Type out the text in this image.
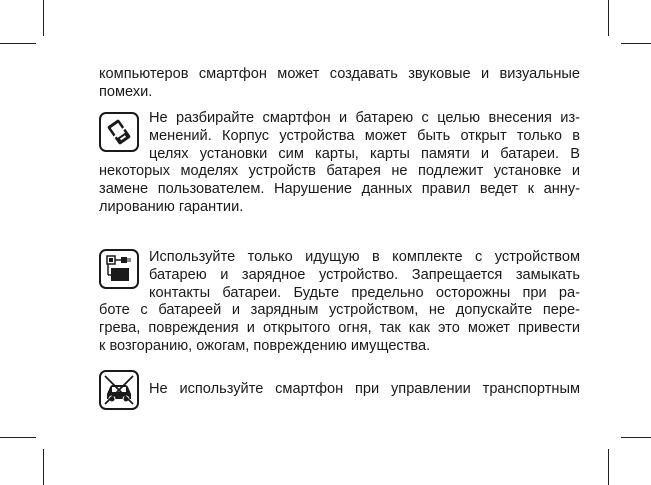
компьютеров смартфон может создавать звуковые и визуальные
помехи.
Не разбирайте смартфон и батарею с целью внесения из-
менений. Корпус устройства может быть открыт только в
целях установки сим карты, карты памяти и батареи. В
некоторых моделях устройств батарея не подлежит установке и
замене пользователем. Нарушение данных правил ведет к анну-
лированию гарантии.
Используйте только идущую в комплекте с устройством
батарею и зарядное устройство. Запрещается замыкать
контакты батареи. Будьте предельно осторожны при ра-
боте с батареей и зарядным устройством, не допускайте пере-
грева, повреждения и открытого огня, так как это может привести
к возгоранию, ожогам, повреждению имущества.
Не используйте смартфон при управлении транспортным
